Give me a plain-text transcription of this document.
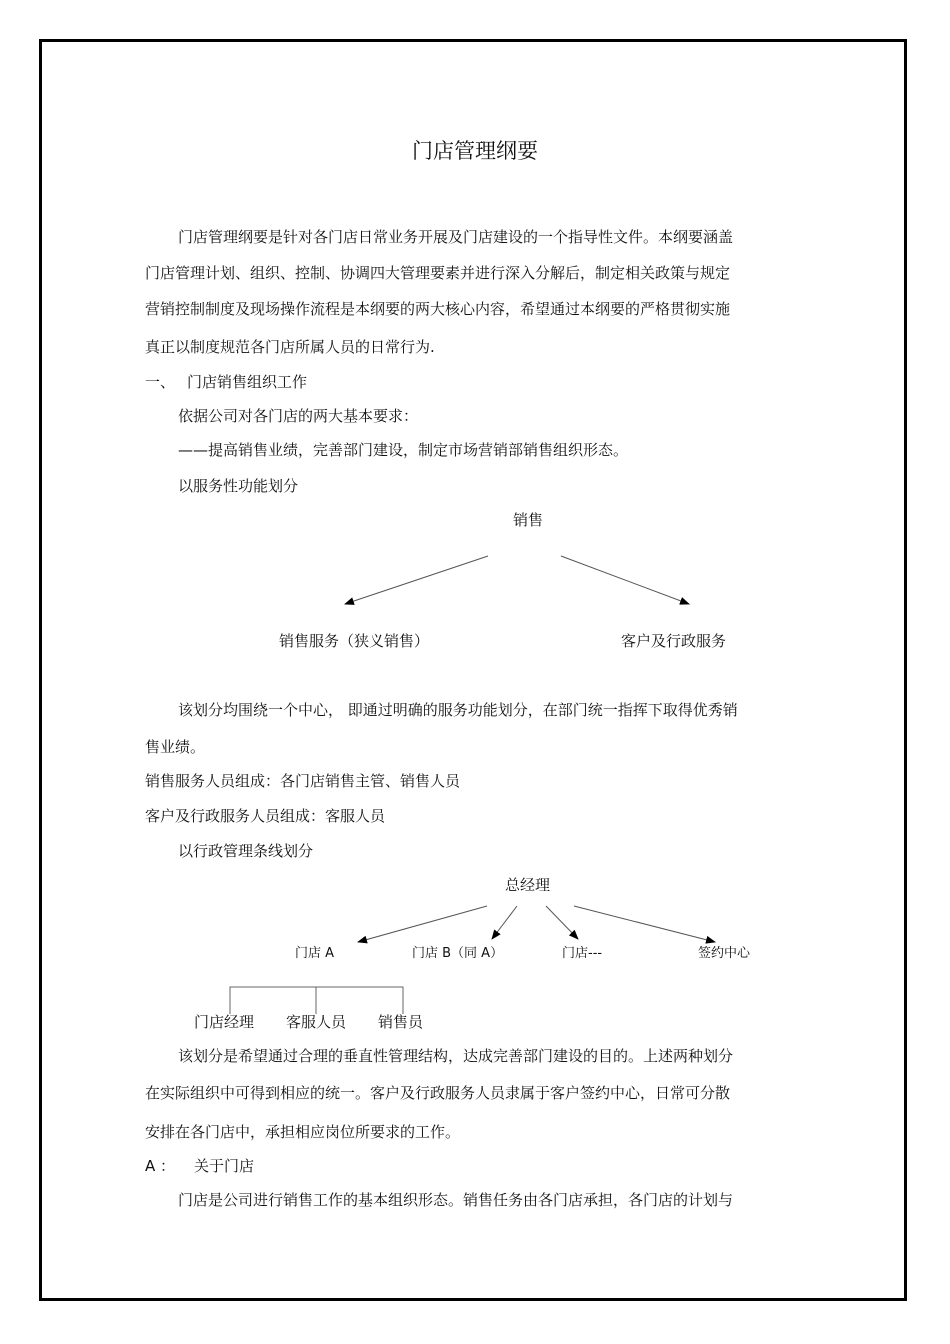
门店管理纲要
门店管理纲要是针对各门店日常业务开展及门店建设的一个指导性文件。本纲要涵盖
门店管理计划、组织、控制、协调四大管理要素并进行深入分解后，制定相关政策与规定
营销控制制度及现场操作流程是本纲要的两大核心内容，希望通过本纲要的严格贯彻实施
真正以制度规范各门店所属人员的日常行为.
一、 门店销售组织工作
依据公司对各门店的两大基本要求：
——提高销售业绩，完善部门建设，制定市场营销部销售组织形态。
以服务性功能划分
销售
销售服务（狭义销售）	客户及行政服务
该划分均围绕一个中心， 即通过明确的服务功能划分，在部门统一指挥下取得优秀销
售业绩。
销售服务人员组成：各门店销售主管、销售人员
客户及行政服务人员组成：客服人员
以行政管理条线划分
总经理
门店 A	门店 B（同 A）	门店---	签约中心
门店经理 客服人员 销售员
该划分是希望通过合理的垂直性管理结构，达成完善部门建设的目的。上述两种划分
在实际组织中可得到相应的统一。客户及行政服务人员隶属于客户签约中心，日常可分散
安排在各门店中，承担相应岗位所要求的工作。
A ： 关于门店
门店是公司进行销售工作的基本组织形态。销售任务由各门店承担，各门店的计划与
